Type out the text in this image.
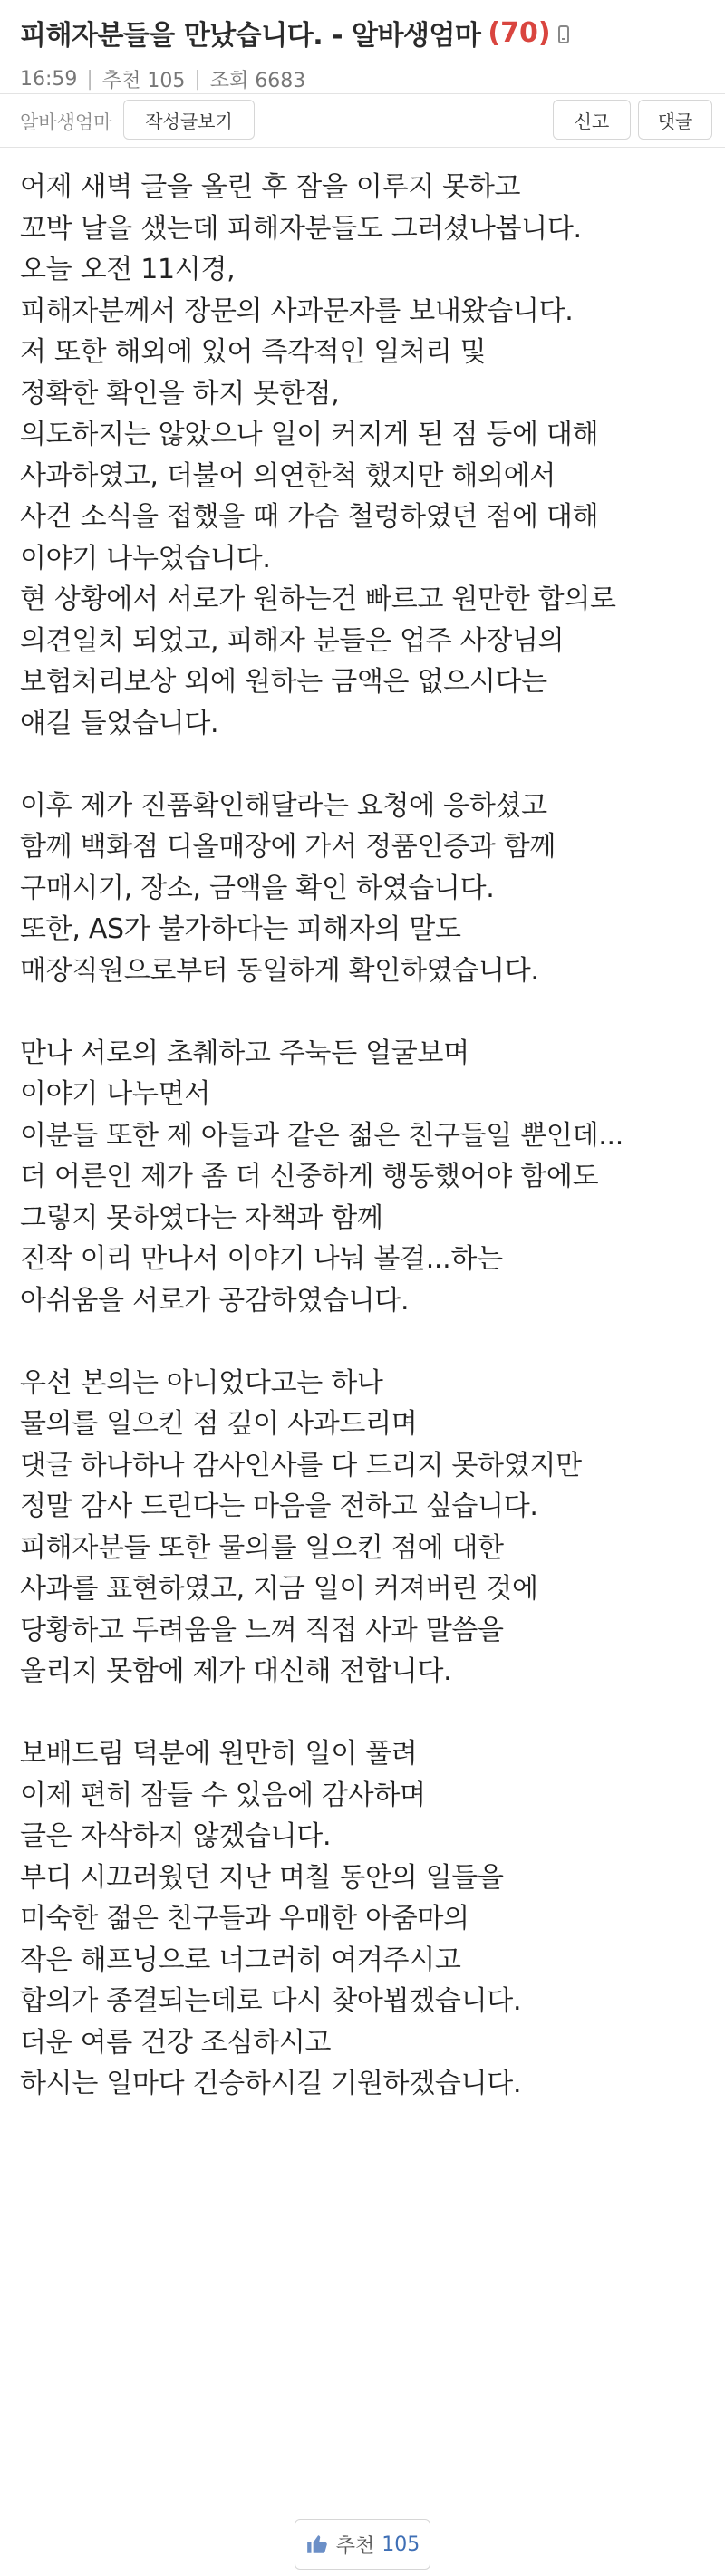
피해자분들을 만났습니다. - 알바생엄마 (70)
16:59 | 추천 105 | 조회 6683
알바생엄마	작성글보기	신고	댓글
어제 새벽 글을 올린 후 잠을 이루지 못하고
꼬박 날을 샜는데 피해자분들도 그러셨나봅니다.
오늘 오전 11시경,
피해자분께서 장문의 사과문자를 보내왔습니다.
저 또한 해외에 있어 즉각적인 일처리 및
정확한 확인을 하지 못한점,
의도하지는 않았으나 일이 커지게 된 점 등에 대해
사과하였고, 더불어 의연한척 했지만 해외에서
사건 소식을 접했을 때 가슴 철렁하였던 점에 대해
이야기 나누었습니다.
현 상황에서 서로가 원하는건 빠르고 원만한 합의로
의견일치 되었고, 피해자 분들은 업주 사장님의
보험처리보상 외에 원하는 금액은 없으시다는
얘길 들었습니다.
이후 제가 진품확인해달라는 요청에 응하셨고
함께 백화점 디올매장에 가서 정품인증과 함께
구매시기, 장소, 금액을 확인 하였습니다.
또한, AS가 불가하다는 피해자의 말도
매장직원으로부터 동일하게 확인하였습니다.
만나 서로의 초췌하고 주눅든 얼굴보며
이야기 나누면서
이분들 또한 제 아들과 같은 젊은 친구들일 뿐인데...
더 어른인 제가 좀 더 신중하게 행동했어야 함에도
그렇지 못하였다는 자책과 함께
진작 이리 만나서 이야기 나눠 볼걸...하는
아쉬움을 서로가 공감하였습니다.
우선 본의는 아니었다고는 하나
물의를 일으킨 점 깊이 사과드리며
댓글 하나하나 감사인사를 다 드리지 못하였지만
정말 감사 드린다는 마음을 전하고 싶습니다.
피해자분들 또한 물의를 일으킨 점에 대한
사과를 표현하였고, 지금 일이 커져버린 것에
당황하고 두려움을 느껴 직접 사과 말씀을
올리지 못함에 제가 대신해 전합니다.
보배드림 덕분에 원만히 일이 풀려
이제 편히 잠들 수 있음에 감사하며
글은 자삭하지 않겠습니다.
부디 시끄러웠던 지난 며칠 동안의 일들을
미숙한 젊은 친구들과 우매한 아줌마의
작은 해프닝으로 너그러히 여겨주시고
합의가 종결되는데로 다시 찾아뵙겠습니다.
더운 여름 건강 조심하시고
하시는 일마다 건승하시길 기원하겠습니다.
추천 105
